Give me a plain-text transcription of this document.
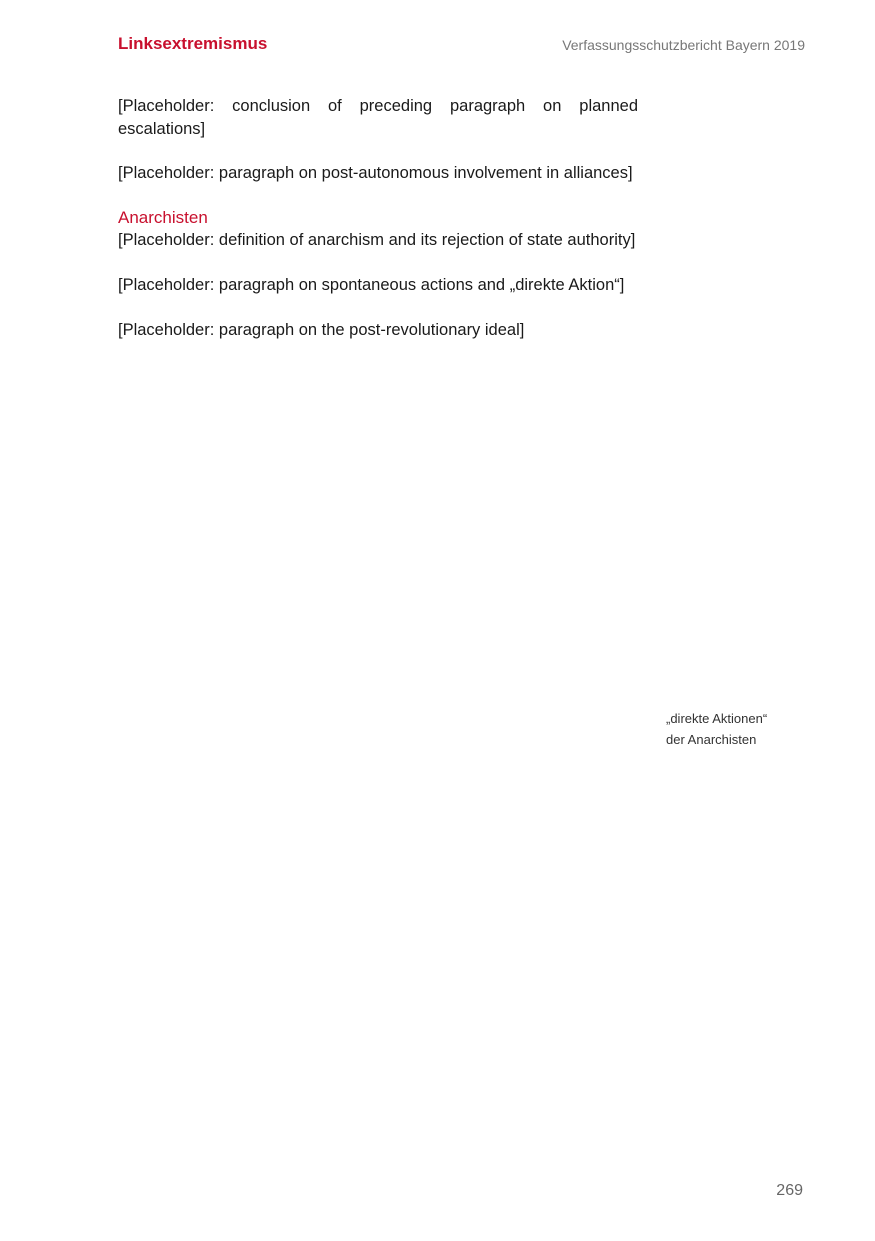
Linksextremismus	Verfassungsschutzbericht Bayern 2019

[Placeholder: conclusion of preceding paragraph on planned escalations]

[Placeholder: paragraph on post-autonomous involvement in alliances]

Anarchisten

[Placeholder: definition of anarchism and its rejection of state authority]

[Placeholder: paragraph on spontaneous actions and „direkte Aktion“]

[Placeholder: paragraph on the post-revolutionary ideal]

„direkte Aktionen“
der Anarchisten
269
